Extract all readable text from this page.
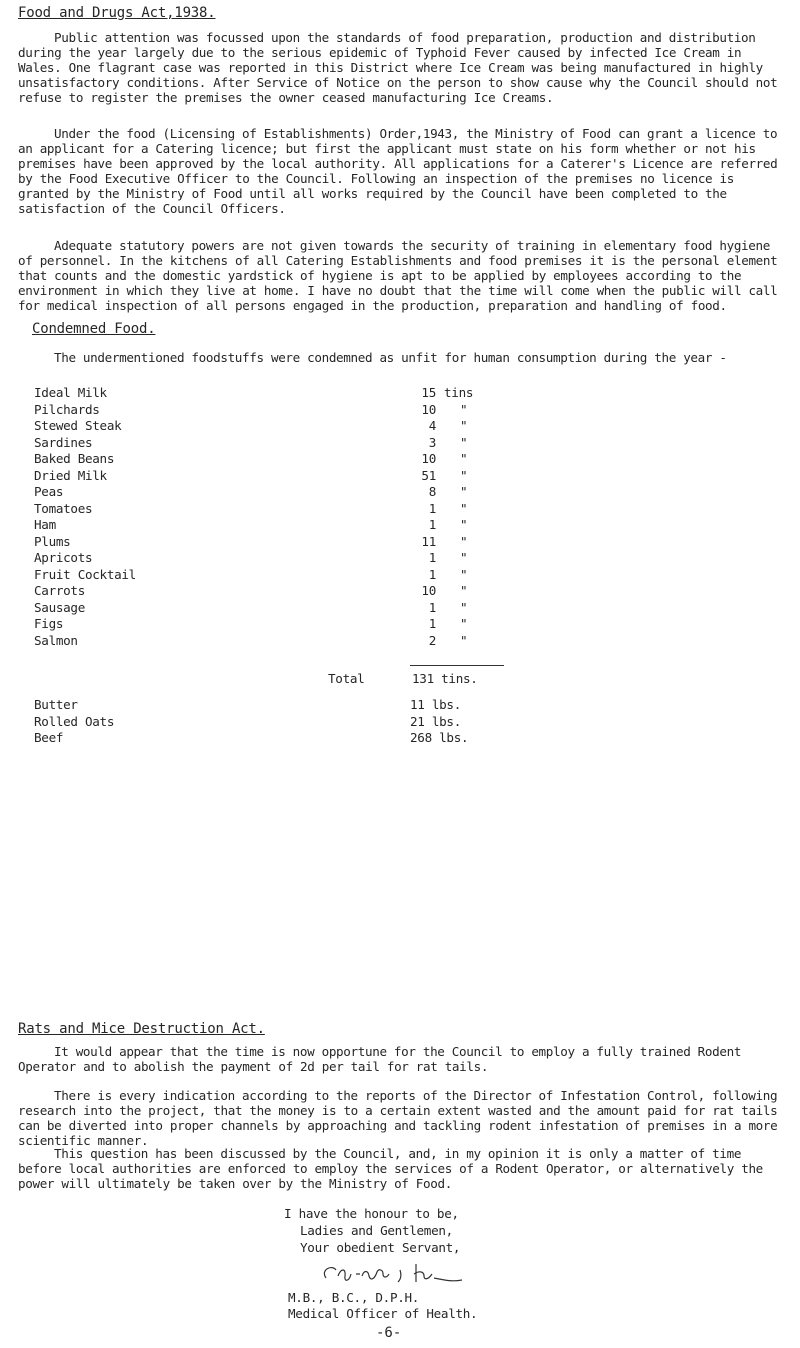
Food and Drugs Act,1938.
Public attention was focussed upon the standards of food preparation, production and distribution during the year largely due to the serious epidemic of Typhoid Fever caused by infected Ice Cream in Wales. One flagrant case was reported in this District where Ice Cream was being manufactured in highly unsatisfactory conditions. After Service of Notice on the person to show cause why the Council should not refuse to register the premises the owner ceased manufacturing Ice Creams.
Under the food (Licensing of Establishments) Order,1943, the Ministry of Food can grant a licence to an applicant for a Catering licence; but first the applicant must state on his form whether or not his premises have been approved by the local authority. All applications for a Caterer's Licence are referred by the Food Executive Officer to the Council. Following an inspection of the premises no licence is granted by the Ministry of Food until all works required by the Council have been completed to the satisfaction of the Council Officers.
Adequate statutory powers are not given towards the security of training in elementary food hygiene of personnel. In the kitchens of all Catering Establishments and food premises it is the personal element that counts and the domestic yardstick of hygiene is apt to be applied by employees according to the environment in which they live at home. I have no doubt that the time will come when the public will call for medical inspection of all persons engaged in the production, preparation and handling of food.
Condemned Food.
The undermentioned foodstuffs were condemned as unfit for human consumption during the year -
Ideal Milk	15 tins
Pilchards	10 "
Stewed Steak	4 "
Sardines	3 "
Baked Beans	10 "
Dried Milk	51 "
Peas	8 "
Tomatoes	1 "
Ham	1 "
Plums	11 "
Apricots	1 "
Fruit Cocktail	1 "
Carrots	10 "
Sausage	1 "
Figs	1 "
Salmon	2 "
Total	131 tins.
Butter	11 lbs.
Rolled Oats	21 lbs.
Beef	268 lbs.
Rats and Mice Destruction Act.
It would appear that the time is now opportune for the Council to employ a fully trained Rodent Operator and to abolish the payment of 2d per tail for rat tails.
There is every indication according to the reports of the Director of Infestation Control, following research into the project, that the money is to a certain extent wasted and the amount paid for rat tails can be diverted into proper channels by approaching and tackling rodent infestation of premises in a more scientific manner.
This question has been discussed by the Council, and, in my opinion it is only a matter of time before local authorities are enforced to employ the services of a Rodent Operator, or alternatively the power will ultimately be taken over by the Ministry of Food.
I have the honour to be,
Ladies and Gentlemen,
Your obedient Servant,
M.B., B.C., D.P.H.
Medical Officer of Health.
-6-
